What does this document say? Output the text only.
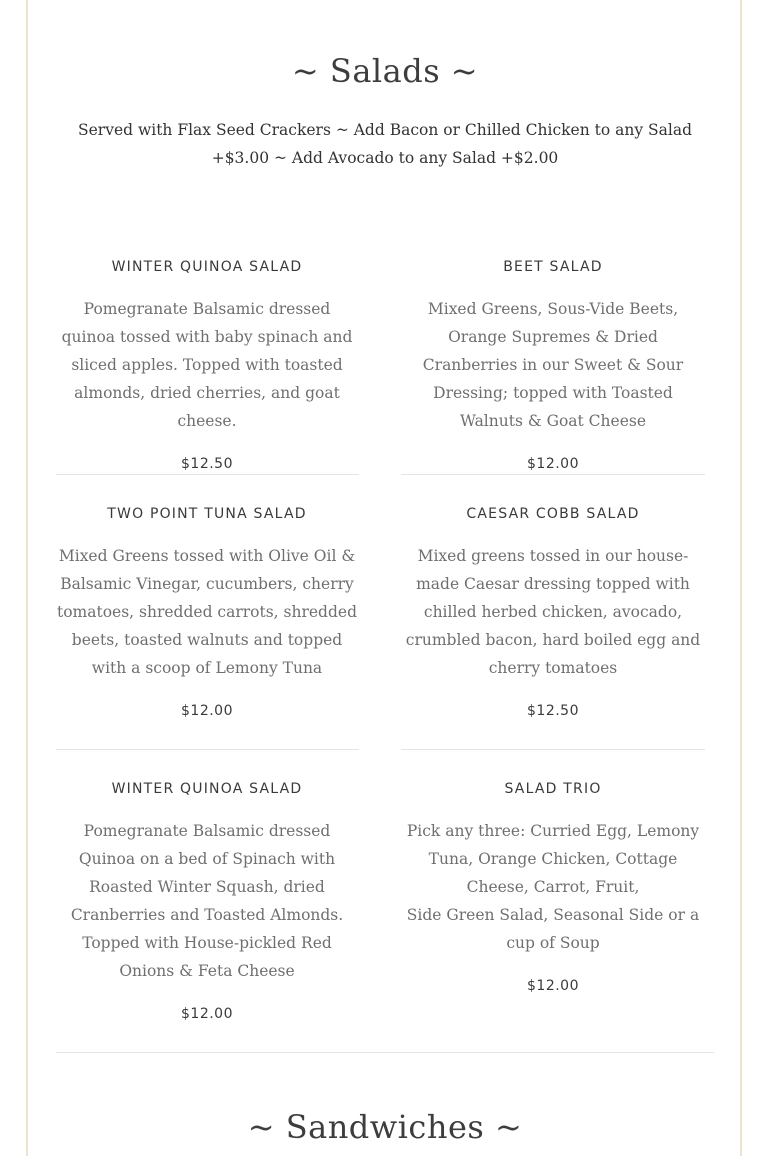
~ Salads ~
Served with Flax Seed Crackers ~ Add Bacon or Chilled Chicken to any Salad +$3.00 ~ Add Avocado to any Salad +$2.00
WINTER QUINOA SALAD
Pomegranate Balsamic dressed quinoa tossed with baby spinach and sliced apples. Topped with toasted almonds, dried cherries, and goat cheese.
$12.50
BEET SALAD
Mixed Greens, Sous-Vide Beets, Orange Supremes & Dried Cranberries in our Sweet & Sour Dressing; topped with Toasted Walnuts & Goat Cheese
$12.00
TWO POINT TUNA SALAD
Mixed Greens tossed with Olive Oil & Balsamic Vinegar, cucumbers, cherry tomatoes, shredded carrots, shredded beets, toasted walnuts and topped with a scoop of Lemony Tuna
$12.00
CAESAR COBB SALAD
Mixed greens tossed in our house-made Caesar dressing topped with chilled herbed chicken, avocado, crumbled bacon, hard boiled egg and cherry tomatoes
$12.50
WINTER QUINOA SALAD
Pomegranate Balsamic dressed Quinoa on a bed of Spinach with Roasted Winter Squash, dried Cranberries and Toasted Almonds. Topped with House-pickled Red Onions & Feta Cheese
$12.00
SALAD TRIO
Pick any three: Curried Egg, Lemony Tuna, Orange Chicken, Cottage Cheese, Carrot, Fruit,
Side Green Salad, Seasonal Side or a cup of Soup
$12.00
~ Sandwiches ~
